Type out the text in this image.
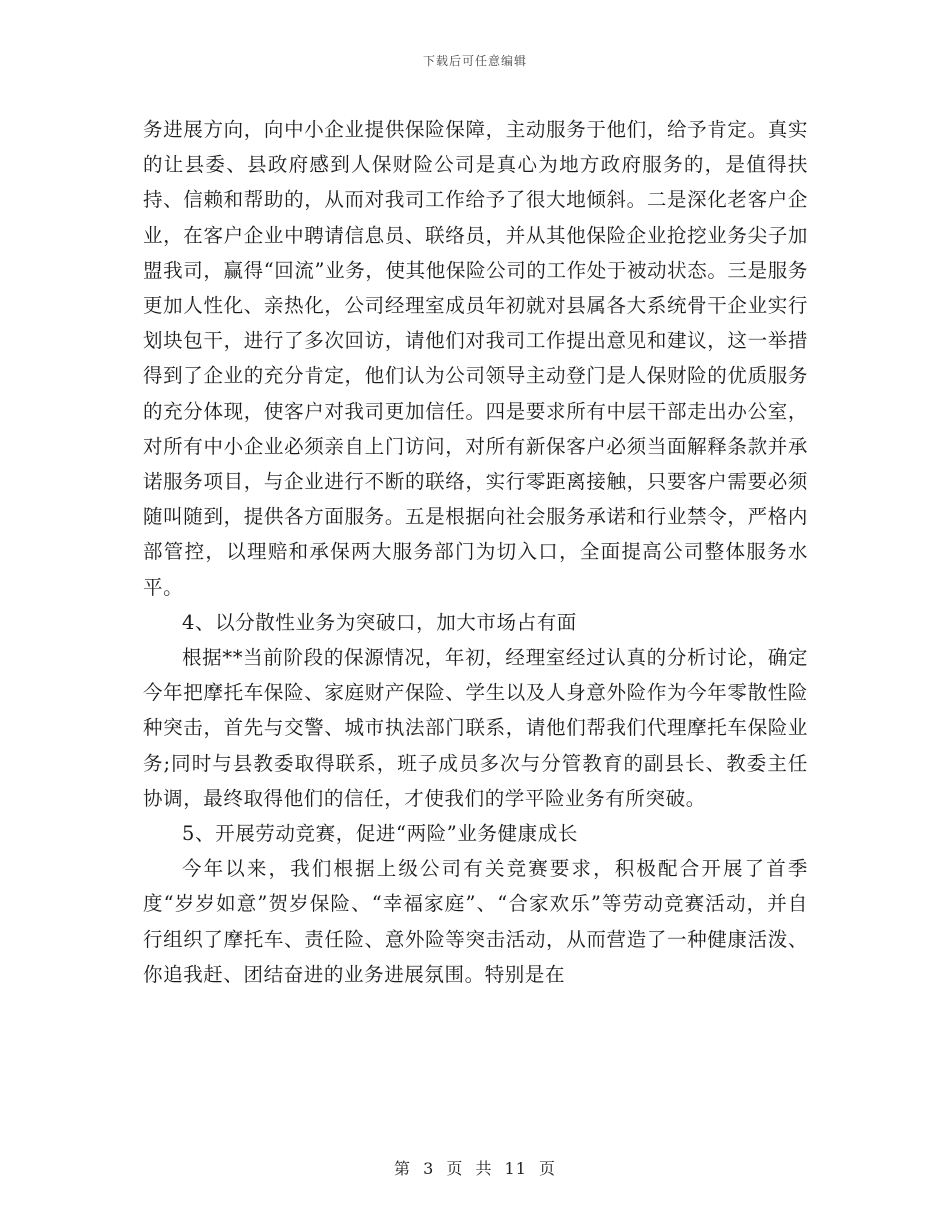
下载后可任意编辑

务进展方向，向中小企业提供保险保障，主动服务于他们，给予肯定。真实的让县委、县政府感到人保财险公司是真心为地方政府服务的，是值得扶持、信赖和帮助的，从而对我司工作给予了很大地倾斜。二是深化老客户企业，在客户企业中聘请信息员、联络员，并从其他保险企业抢挖业务尖子加盟我司，赢得“回流”业务，使其他保险公司的工作处于被动状态。三是服务更加人性化、亲热化，公司经理室成员年初就对县属各大系统骨干企业实行划块包干，进行了多次回访，请他们对我司工作提出意见和建议，这一举措得到了企业的充分肯定，他们认为公司领导主动登门是人保财险的优质服务的充分体现，使客户对我司更加信任。四是要求所有中层干部走出办公室，对所有中小企业必须亲自上门访问，对所有新保客户必须当面解释条款并承诺服务项目，与企业进行不断的联络，实行零距离接触，只要客户需要必须随叫随到，提供各方面服务。五是根据向社会服务承诺和行业禁令，严格内部管控，以理赔和承保两大服务部门为切入口，全面提高公司整体服务水平。

4、以分散性业务为突破口，加大市场占有面

根据**当前阶段的保源情况，年初，经理室经过认真的分析讨论，确定今年把摩托车保险、家庭财产保险、学生以及人身意外险作为今年零散性险种突击，首先与交警、城市执法部门联系，请他们帮我们代理摩托车保险业务;同时与县教委取得联系，班子成员多次与分管教育的副县长、教委主任协调，最终取得他们的信任，才使我们的学平险业务有所突破。

5、开展劳动竞赛，促进“两险”业务健康成长

今年以来，我们根据上级公司有关竞赛要求，积极配合开展了首季度“岁岁如意”贺岁保险、“幸福家庭”、“合家欢乐”等劳动竞赛活动，并自行组织了摩托车、责任险、意外险等突击活动，从而营造了一种健康活泼、你追我赶、团结奋进的业务进展氛围。特别是在

第 3 页 共 11 页
